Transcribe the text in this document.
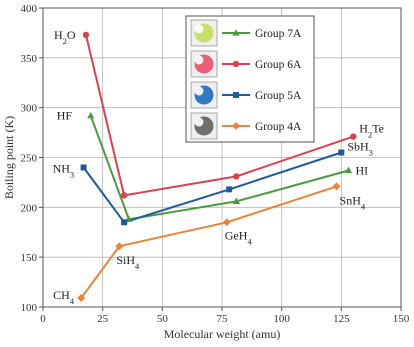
100
150
200
250
300
350
400
0	25	50	75	100	125	150
Molecular weight (amu)
Boiling point (K)
HF
HI
$H_2O$
$H_2Te$
$NH_3$
SbH$_3$
$CH_4$
SiH$_4$
GeH$_4$
SnH$_4$
Group 7A
Group 6A
Group 5A
Group 4A
